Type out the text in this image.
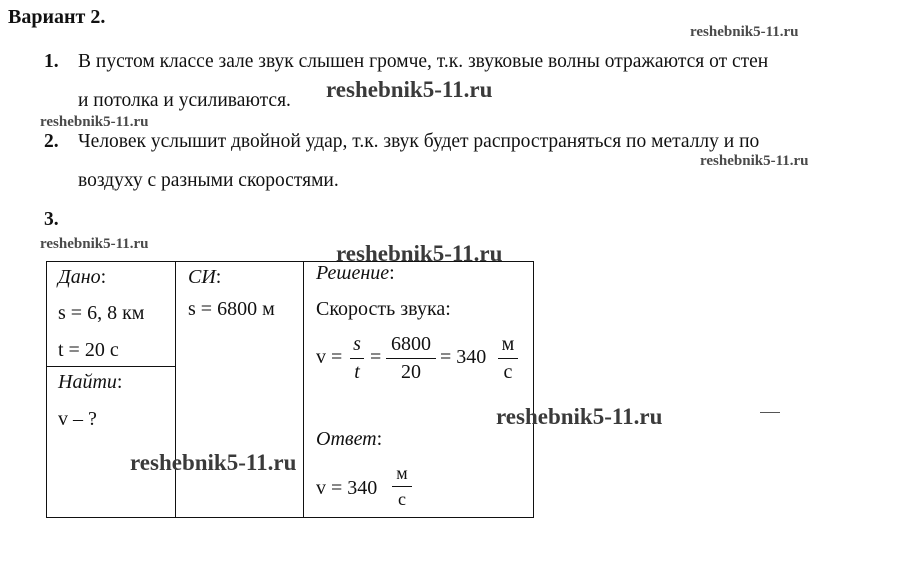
Вариант 2.
1. В пустом классе зале звук слышен громче, т.к. звуковые волны отражаются от стен
и потолка и усиливаются.
2. Человек услышит двойной удар, т.к. звук будет распространяться по металлу и по
воздуху с разными скоростями.
3.
Дано:
s = 6, 8 км
t = 20 с
Найти:
v – ?
СИ:
s = 6800 м
Решение:
Скорость звука:
v =
s
t
=
6800
20
= 340
м
с
Ответ:
v = 340
м
с
reshebnik5-11.ru
reshebnik5-11.ru
reshebnik5-11.ru
reshebnik5-11.ru
reshebnik5-11.ru	reshebnik5-11.ru
reshebnik5-11.ru
reshebnik5-11.ru
